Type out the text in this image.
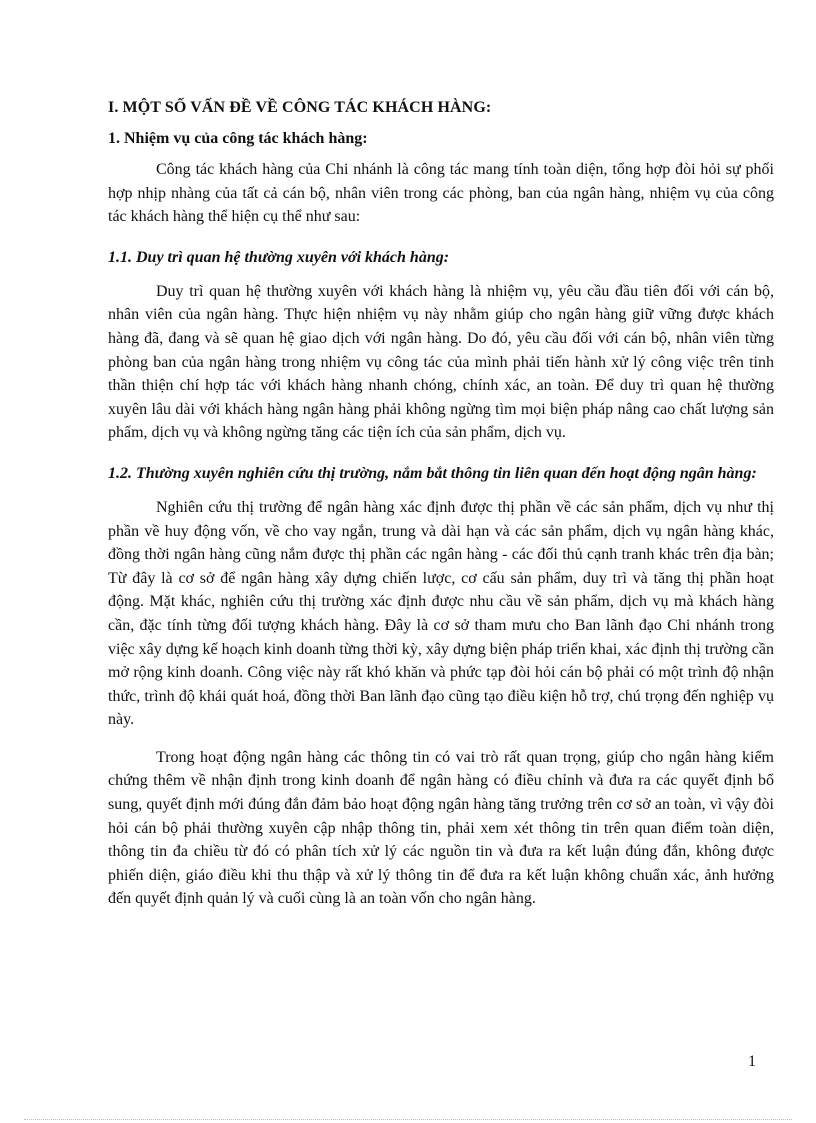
I. MỘT SỐ VẤN ĐỀ VỀ CÔNG TÁC KHÁCH HÀNG:

1. Nhiệm vụ của công tác khách hàng:

Công tác khách hàng của Chi nhánh là công tác mang tính toàn diện, tổng hợp đòi hỏi sự phối hợp nhịp nhàng của tất cả cán bộ, nhân viên trong các phòng, ban của ngân hàng, nhiệm vụ của công tác khách hàng thể hiện cụ thể như sau:

1.1. Duy trì quan hệ thường xuyên với khách hàng:

Duy trì quan hệ thường xuyên với khách hàng là nhiệm vụ, yêu cầu đầu tiên đối với cán bộ, nhân viên của ngân hàng. Thực hiện nhiệm vụ này nhằm giúp cho ngân hàng giữ vững được khách hàng đã, đang và sẽ quan hệ giao dịch với ngân hàng. Do đó, yêu cầu đối với cán bộ, nhân viên từng phòng ban của ngân hàng trong nhiệm vụ công tác của mình phải tiến hành xử lý công việc trên tinh thần thiện chí hợp tác với khách hàng nhanh chóng, chính xác, an toàn. Để duy trì quan hệ thường xuyên lâu dài với khách hàng ngân hàng phải không ngừng tìm mọi biện pháp nâng cao chất lượng sản phẩm, dịch vụ và không ngừng tăng các tiện ích của sản phẩm, dịch vụ.

1.2. Thường xuyên nghiên cứu thị trường, nắm bắt thông tin liên quan đến hoạt động ngân hàng:

Nghiên cứu thị trường để ngân hàng xác định được thị phần về các sản phẩm, dịch vụ như thị phần về huy động vốn, về cho vay ngắn, trung và dài hạn và các sản phẩm, dịch vụ ngân hàng khác, đồng thời ngân hàng cũng nắm được thị phần các ngân hàng - các đối thủ cạnh tranh khác trên địa bàn; Từ đây là cơ sở để ngân hàng xây dựng chiến lược, cơ cấu sản phẩm, duy trì và tăng thị phần hoạt động. Mặt khác, nghiên cứu thị trường xác định được nhu cầu về sản phẩm, dịch vụ mà khách hàng cần, đặc tính từng đối tượng khách hàng. Đây là cơ sở tham mưu cho Ban lãnh đạo Chi nhánh trong việc xây dựng kế hoạch kinh doanh từng thời kỳ, xây dựng biện pháp triển khai, xác định thị trường cần mở rộng kinh doanh. Công việc này rất khó khăn và phức tạp đòi hỏi cán bộ phải có một trình độ nhận thức, trình độ khái quát hoá, đồng thời Ban lãnh đạo cũng tạo điều kiện hỗ trợ, chú trọng đến nghiệp vụ này.

Trong hoạt động ngân hàng các thông tin có vai trò rất quan trọng, giúp cho ngân hàng kiểm chứng thêm về nhận định trong kinh doanh để ngân hàng có điều chỉnh và đưa ra các quyết định bổ sung, quyết định mới đúng đắn đảm bảo hoạt động ngân hàng tăng trưởng trên cơ sở an toàn, vì vậy đòi hỏi cán bộ phải thường xuyên cập nhập thông tin, phải xem xét thông tin trên quan điểm toàn diện, thông tin đa chiều từ đó có phân tích xử lý các nguồn tin và đưa ra kết luận đúng đắn, không được phiến diện, giáo điều khi thu thập và xử lý thông tin để đưa ra kết luận không chuẩn xác, ảnh hưởng đến quyết định quản lý và cuối cùng là an toàn vốn cho ngân hàng.

1
